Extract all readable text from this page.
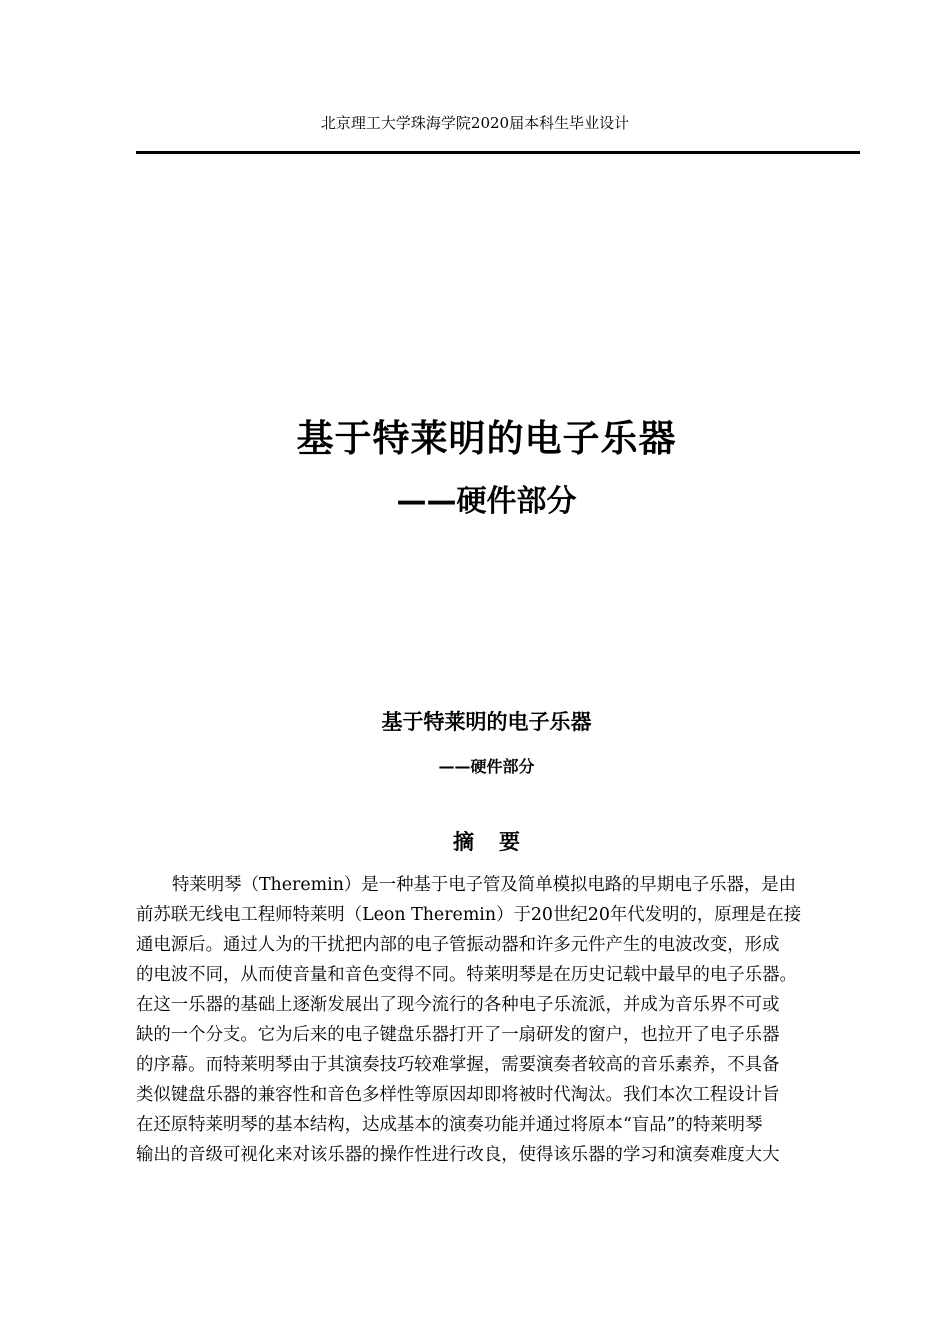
北京理工大学珠海学院2020届本科生毕业设计
基于特莱明的电子乐器
——硬件部分
基于特莱明的电子乐器
——硬件部分
摘　要
特莱明琴（Theremin）是一种基于电子管及简单模拟电路的早期电子乐器，是由
前苏联无线电工程师特莱明（Leon Theremin）于20世纪20年代发明的，原理是在接
通电源后。通过人为的干扰把内部的电子管振动器和许多元件产生的电波改变，形成
的电波不同，从而使音量和音色变得不同。特莱明琴是在历史记载中最早的电子乐器。
在这一乐器的基础上逐渐发展出了现今流行的各种电子乐流派，并成为音乐界不可或
缺的一个分支。它为后来的电子键盘乐器打开了一扇研发的窗户，也拉开了电子乐器
的序幕。而特莱明琴由于其演奏技巧较难掌握，需要演奏者较高的音乐素养，不具备
类似键盘乐器的兼容性和音色多样性等原因却即将被时代淘汰。我们本次工程设计旨
在还原特莱明琴的基本结构，达成基本的演奏功能并通过将原本“盲品”的特莱明琴
输出的音级可视化来对该乐器的操作性进行改良，使得该乐器的学习和演奏难度大大
